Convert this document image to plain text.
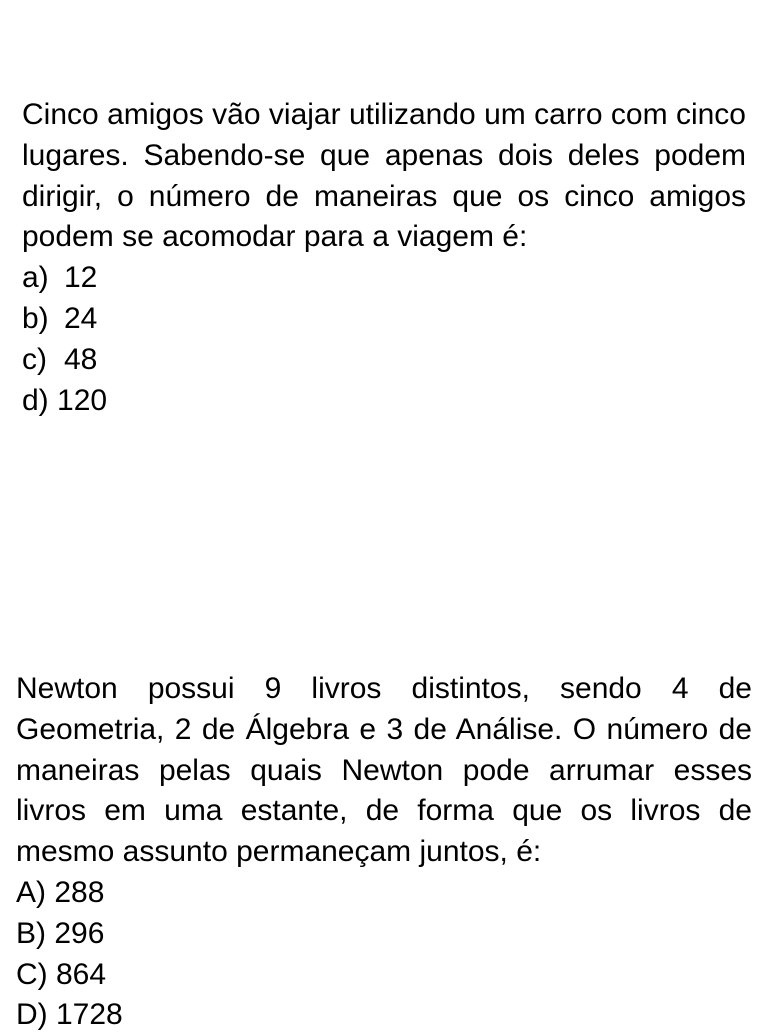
Cinco amigos vão viajar utilizando um carro com cinco lugares. Sabendo-se que apenas dois deles podem dirigir, o número de maneiras que os cinco amigos podem se acomodar para a viagem é:

a) 12
b) 24
c) 48
d) 120

Newton possui 9 livros distintos, sendo 4 de Geometria, 2 de Álgebra e 3 de Análise. O número de maneiras pelas quais Newton pode arrumar esses livros em uma estante, de forma que os livros de mesmo assunto permaneçam juntos, é:

A) 288
B) 296
C) 864
D) 1728
